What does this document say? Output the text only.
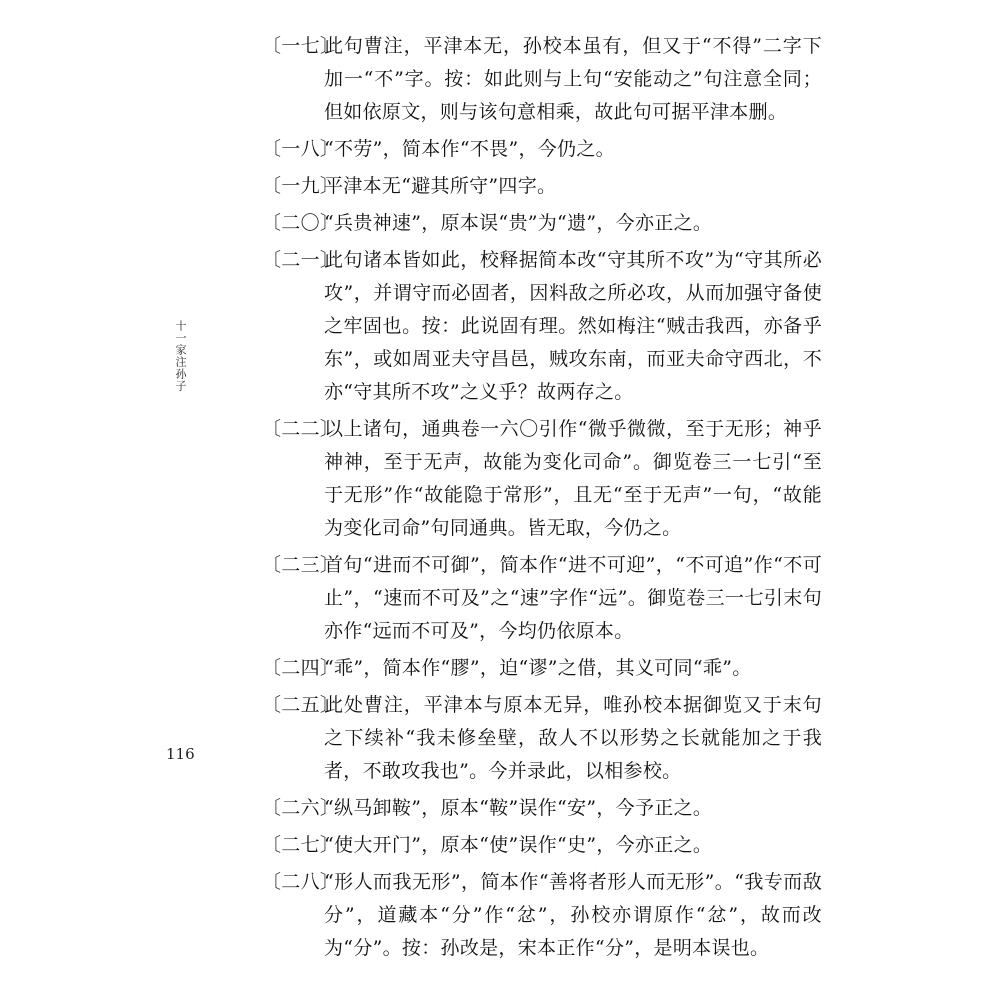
十一家注孙子
116
〔一七〕
此句曹注，平津本无，孙校本虽有，但又于“不得”二字下加一“不”字。按：如此则与上句“安能动之”句注意全同；但如依原文，则与该句意相乘，故此句可据平津本删。
〔一八〕
“不劳”，简本作“不畏”，今仍之。
〔一九〕
平津本无“避其所守”四字。
〔二〇〕
“兵贵神速”，原本误“贵”为“遗”，今亦正之。
〔二一〕
此句诸本皆如此，校释据简本改“守其所不攻”为“守其所必攻”，并谓守而必固者，因料敌之所必攻，从而加强守备使之牢固也。按：此说固有理。然如梅注“贼击我西，亦备乎东”，或如周亚夫守昌邑，贼攻东南，而亚夫命守西北，不亦“守其所不攻”之义乎？故两存之。
〔二二〕
以上诸句，通典卷一六〇引作“微乎微微，至于无形；神乎神神，至于无声，故能为变化司命”。御览卷三一七引“至于无形”作“故能隐于常形”，且无“至于无声”一句，“故能为变化司命”句同通典。皆无取，今仍之。
〔二三〕
首句“进而不可御”，简本作“进不可迎”，“不可追”作“不可止”，“速而不可及”之“速”字作“远”。御览卷三一七引末句亦作“远而不可及”，今均仍依原本。
〔二四〕
“乖”，简本作“膠”，迫“谬”之借，其义可同“乖”。
〔二五〕
此处曹注，平津本与原本无异，唯孙校本据御览又于末句之下续补“我未修垒壁，敌人不以形势之长就能加之于我者，不敢攻我也”。今并录此，以相参校。
〔二六〕
“纵马卸鞍”，原本“鞍”误作“安”，今予正之。
〔二七〕
“使大开门”，原本“使”误作“史”，今亦正之。
〔二八〕
“形人而我无形”，简本作“善将者形人而无形”。“我专而敌分”，道藏本“分”作“忿”，孙校亦谓原作“忿”，故而改为“分”。按：孙改是，宋本正作“分”，是明本误也。
